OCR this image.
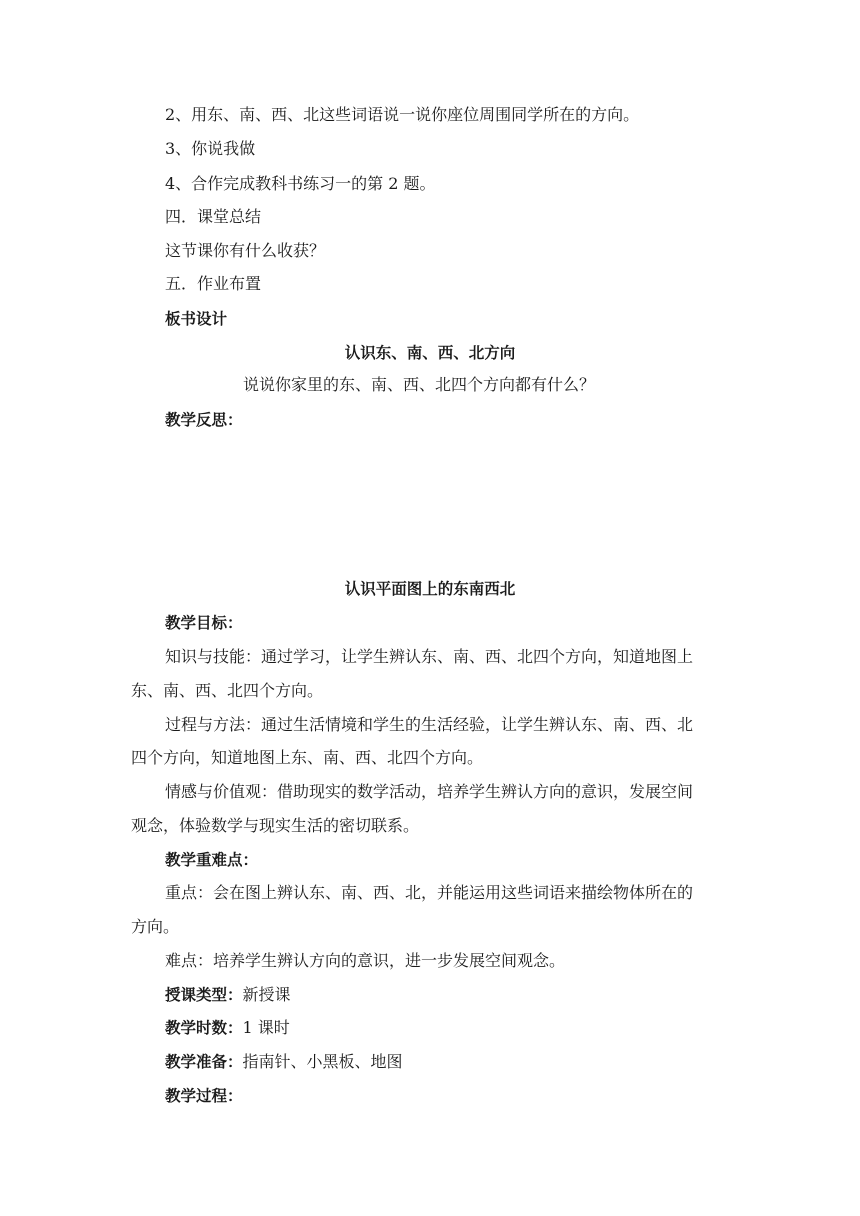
2、用东、南、西、北这些词语说一说你座位周围同学所在的方向。
3、你说我做
4、合作完成教科书练习一的第 2 题。
四．课堂总结
这节课你有什么收获？
五．作业布置
板书设计
认识东、南、西、北方向
说说你家里的东、南、西、北四个方向都有什么？
教学反思：
认识平面图上的东南西北
教学目标：
知识与技能：通过学习，让学生辨认东、南、西、北四个方向，知道地图上
东、南、西、北四个方向。
过程与方法：通过生活情境和学生的生活经验，让学生辨认东、南、西、北
四个方向，知道地图上东、南、西、北四个方向。
情感与价值观：借助现实的数学活动，培养学生辨认方向的意识，发展空间
观念，体验数学与现实生活的密切联系。
教学重难点：
重点：会在图上辨认东、南、西、北，并能运用这些词语来描绘物体所在的
方向。
难点：培养学生辨认方向的意识，进一步发展空间观念。
授课类型：新授课
教学时数：1 课时
教学准备：指南针、小黑板、地图
教学过程：
